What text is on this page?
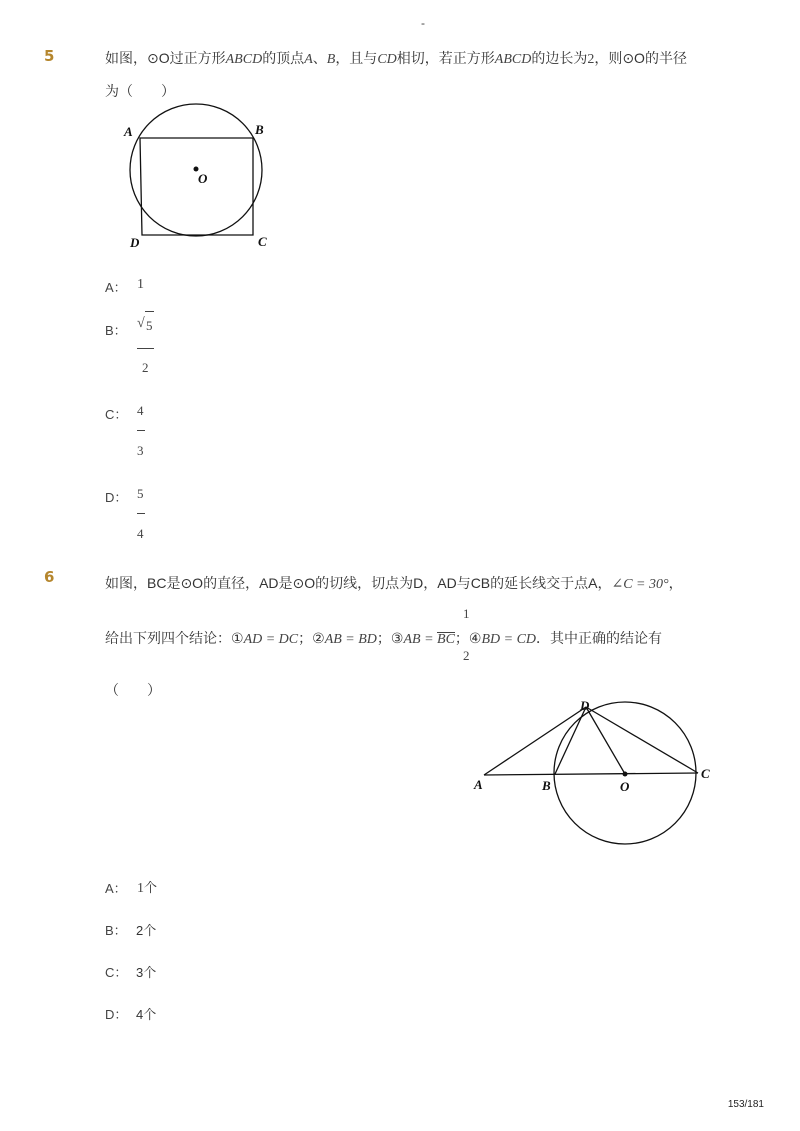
-
5	如图，⊙O过正方形ABCD的顶点A、B，且与CD相切，若正方形ABCD的边长为2，则⊙O的半径
为（　　）
A	B
O
D	C
A： 1
B： √ 5
2
C： 4
3
D： 5
4
6	如图，BC是⊙O的直径，AD是⊙O的切线，切点为D，AD与CB的延长线交于点A，∠C = 30°，
1
给出下列四个结论：①AD = DC；②AB = BD；③AB = BC；④BD = CD．其中正确的结论有
2
（　　）
D
A	B	O
C
A： 1个
B： 2个
C： 3个
D： 4个
153/181
